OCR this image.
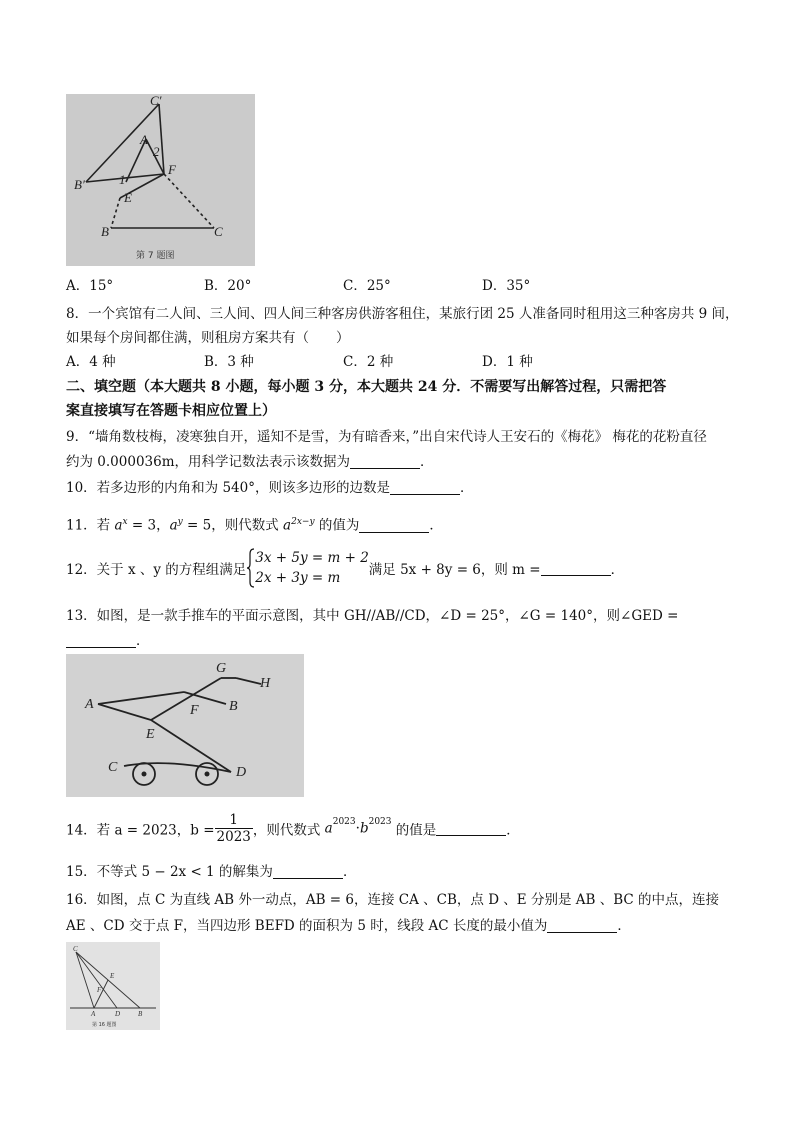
C′
A
2
B′	1
F
E
B	C
第 7 题图
A．15°	B．20°	C．25°	D．35°
8．一个宾馆有二人间、三人间、四人间三种客房供游客租住，某旅行团 25 人准备同时租用这三种客房共 9 间，
如果每个房间都住满，则租房方案共有（　　）
A．4 种	B．3 种	C．2 种	D．1 种
二、填空题（本大题共 8 小题，每小题 3 分，本大题共 24 分．不需要写出解答过程，只需把答
案直接填写在答题卡相应位置上）
9．“墙角数枝梅，凌寒独自开，遥知不是雪，为有暗香来，”出自宋代诗人王安石的《梅花》 梅花的花粉直径
约为 0.000036m，用科学记数法表示该数据为	．
10．若多边形的内角和为 540°，则该多边形的边数是	．
11．若 $a^x = 3$，$a^y = 5$，则代数式 $a^{2x-y}$ 的值为	．
12．关于 x 、y 的方程组满足
3x + 5y = m + 2
2x + 3y = m	满足 5x + 8y = 6，则 m =	．
13．如图，是一款手推车的平面示意图，其中 GH//AB//CD，∠D = 25°，∠G = 140°，则∠GED =
．
G
H
A	F B
E
C	D
14．若 a = 2023，$b = \frac{1}{2023}$ ，则代数式 $a^{2023}\cdot b^{2023}$ 的值是	．
15．不等式 5 − 2x < 1 的解集为	．
16．如图，点 C 为直线 AB 外一动点，AB = 6，连接 CA 、CB，点 D 、E 分别是 AB 、BC 的中点，连接
AE 、CD 交于点 F，当四边形 BEFD 的面积为 5 时，线段 AC 长度的最小值为	．
C
E
F
A	D	B
第 16 题图
